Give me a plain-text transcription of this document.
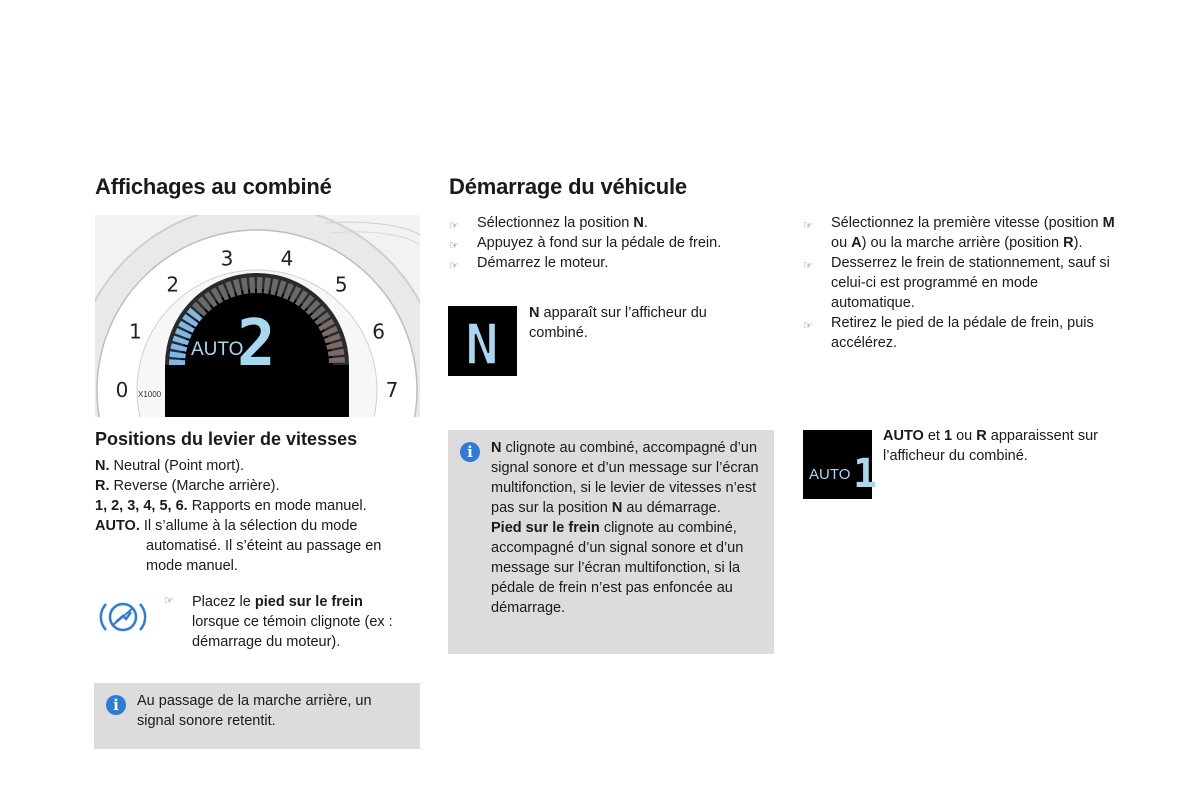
Affichages au combiné
0
1
2
3 4
5
6
7
X1000
AUTO
2
Positions du levier de vitesses
N. Neutral (Point mort).
R. Reverse (Marche arrière).
1, 2, 3, 4, 5, 6. Rapports en mode manuel.
AUTO. Il s’allume à la sélection du mode
automatisé. Il s’éteint au passage en
mode manuel.
☞	Placez le pied sur le frein
lorsque ce témoin clignote (ex : démarrage du moteur).
i	Au passage de la marche arrière, un signal sonore retentit.
Démarrage du véhicule
☞ Sélectionnez la position N.
☞ Appuyez à fond sur la pédale de frein.
☞ Démarrez le moteur.
N N apparaît sur l’afficheur du combiné.
i	N clignote au combiné, accompagné d’un signal sonore et d’un message sur l’écran multifonction, si le levier de vitesses n’est pas sur la position N au démarrage.
Pied sur le frein clignote au combiné, accompagné d’un signal sonore et d’un message sur l’écran multifonction, si la pédale de frein n’est pas enfoncée au démarrage.
☞ Sélectionnez la première vitesse (position M ou A) ou la marche arrière (position R).
☞ Desserrez le frein de stationnement, sauf si celui-ci est programmé en mode automatique.
☞ Retirez le pied de la pédale de frein, puis accélérez.
AUTO 1
AUTO et 1 ou R apparaissent sur l’afficheur du combiné.
